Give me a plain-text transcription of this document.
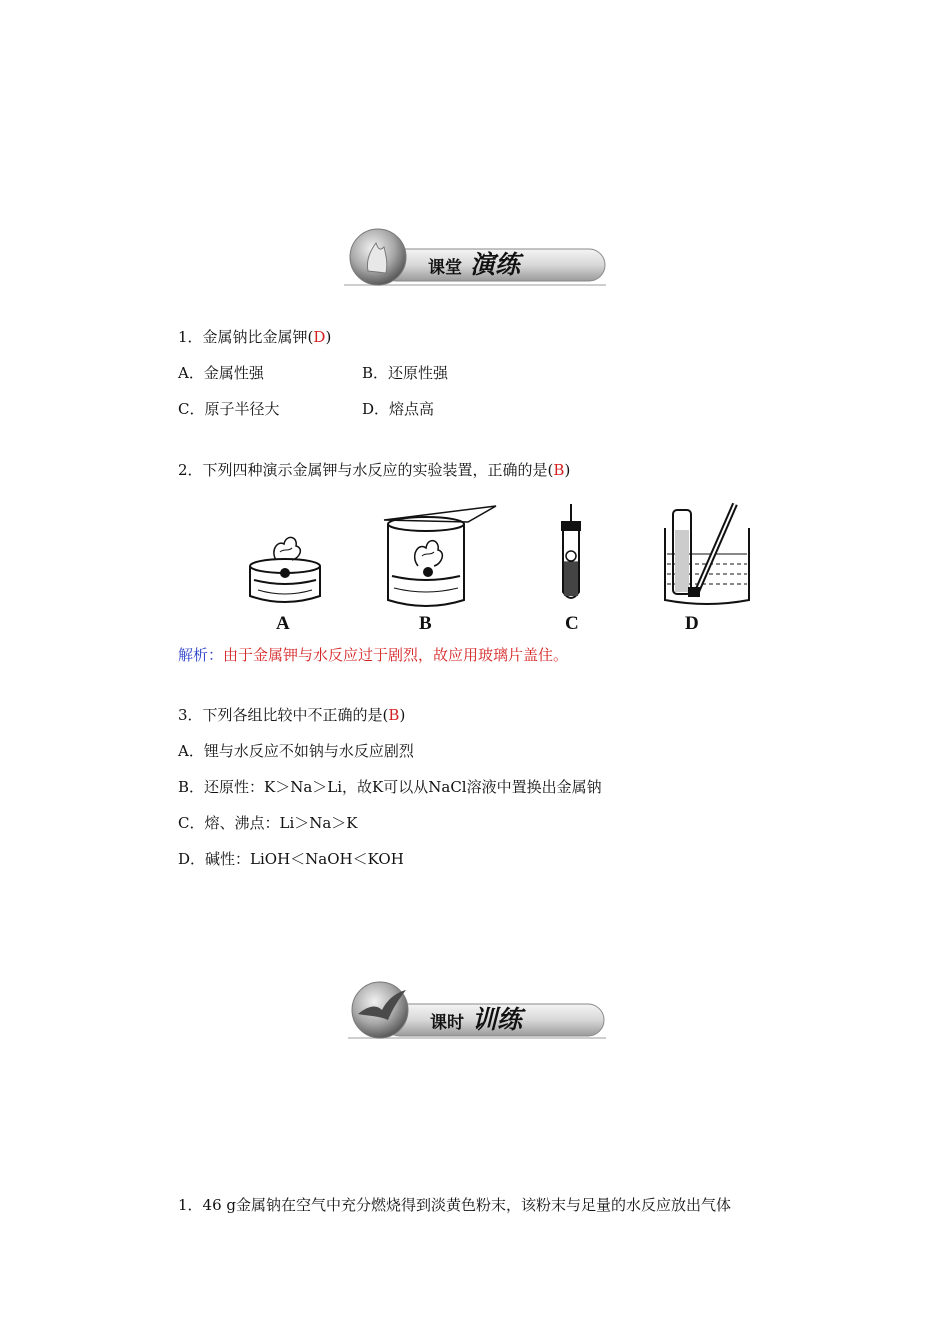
课堂 演练
1．金属钠比金属钾(D)
A．金属性强	B．还原性强
C．原子半径大	D．熔点高
2．下列四种演示金属钾与水反应的实验装置，正确的是(B)
A	B	C	D
解析：由于金属钾与水反应过于剧烈，故应用玻璃片盖住。
3．下列各组比较中不正确的是(B)
A．锂与水反应不如钠与水反应剧烈
B．还原性：K＞Na＞Li，故K可以从NaCl溶液中置换出金属钠
C．熔、沸点：Li＞Na＞K
D．碱性：LiOH＜NaOH＜KOH
课时 训练
1．46 g金属钠在空气中充分燃烧得到淡黄色粉末，该粉末与足量的水反应放出气体
